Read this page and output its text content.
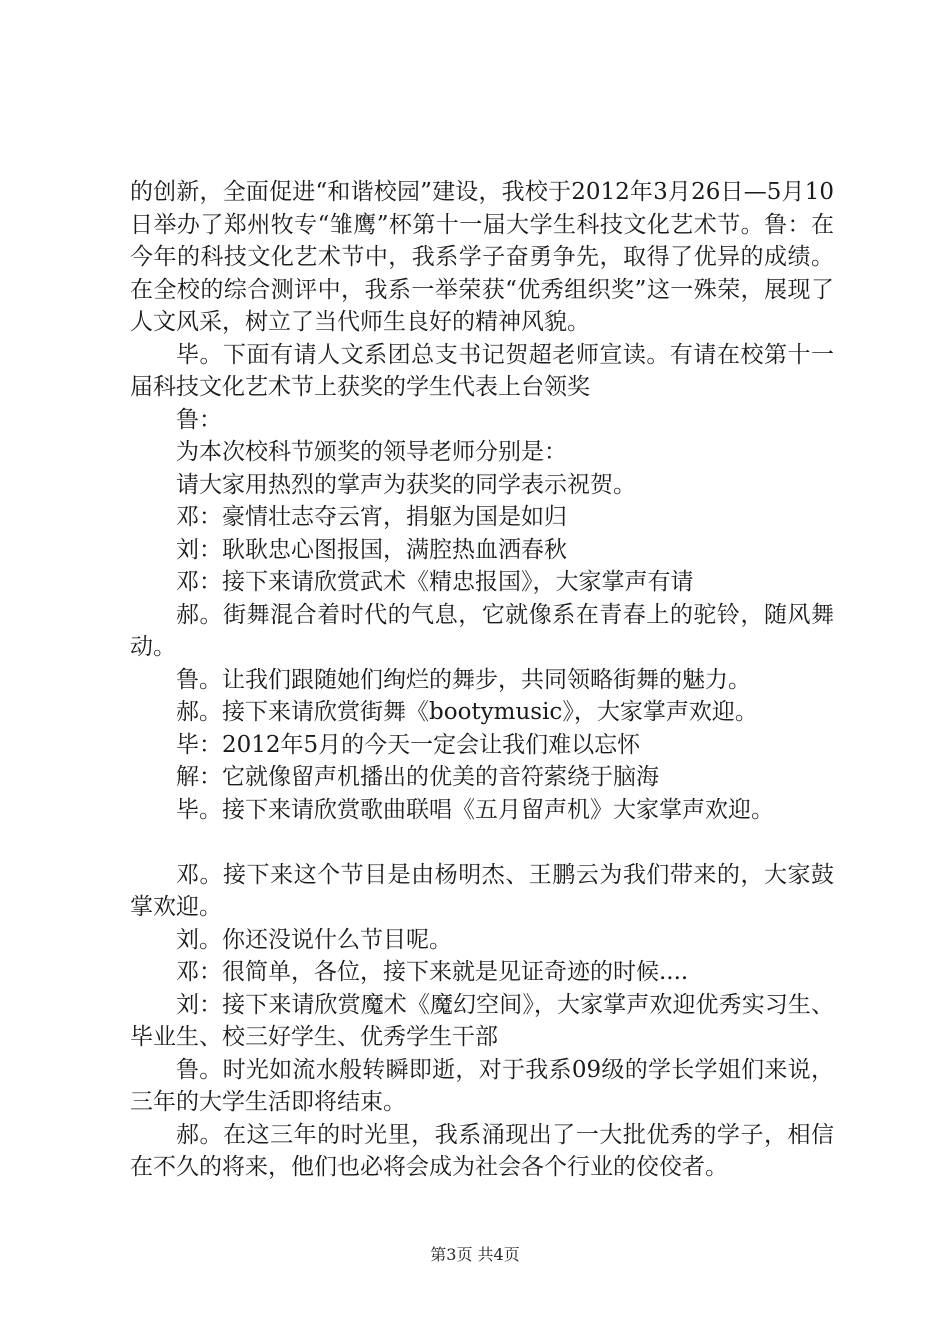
的创新，全面促进“和谐校园”建设，我校于2012年3月26日—5月10日举办了郑州牧专“雏鹰”杯第十一届大学生科技文化艺术节。鲁：在今年的科技文化艺术节中，我系学子奋勇争先，取得了优异的成绩。在全校的综合测评中，我系一举荣获“优秀组织奖”这一殊荣，展现了人文风采，树立了当代师生良好的精神风貌。

毕。下面有请人文系团总支书记贺超老师宣读。有请在校第十一届科技文化艺术节上获奖的学生代表上台领奖

鲁：

为本次校科节颁奖的领导老师分别是：

请大家用热烈的掌声为获奖的同学表示祝贺。

邓：豪情壮志夺云宵，捐躯为国是如归

刘：耿耿忠心图报国，满腔热血洒春秋

邓：接下来请欣赏武术《精忠报国》，大家掌声有请

郝。街舞混合着时代的气息，它就像系在青春上的驼铃，随风舞动。

鲁。让我们跟随她们绚烂的舞步，共同领略街舞的魅力。

郝。接下来请欣赏街舞《bootymusic》，大家掌声欢迎。

毕：2012年5月的今天一定会让我们难以忘怀

解：它就像留声机播出的优美的音符萦绕于脑海

毕。接下来请欣赏歌曲联唱《五月留声机》大家掌声欢迎。

邓。接下来这个节目是由杨明杰、王鹏云为我们带来的，大家鼓掌欢迎。

刘。你还没说什么节目呢。

邓：很简单，各位，接下来就是见证奇迹的时候....

刘：接下来请欣赏魔术《魔幻空间》，大家掌声欢迎优秀实习生、毕业生、校三好学生、优秀学生干部

鲁。时光如流水般转瞬即逝，对于我系09级的学长学姐们来说，三年的大学生活即将结束。

郝。在这三年的时光里，我系涌现出了一大批优秀的学子，相信在不久的将来，他们也必将会成为社会各个行业的佼佼者。

第3页 共4页
